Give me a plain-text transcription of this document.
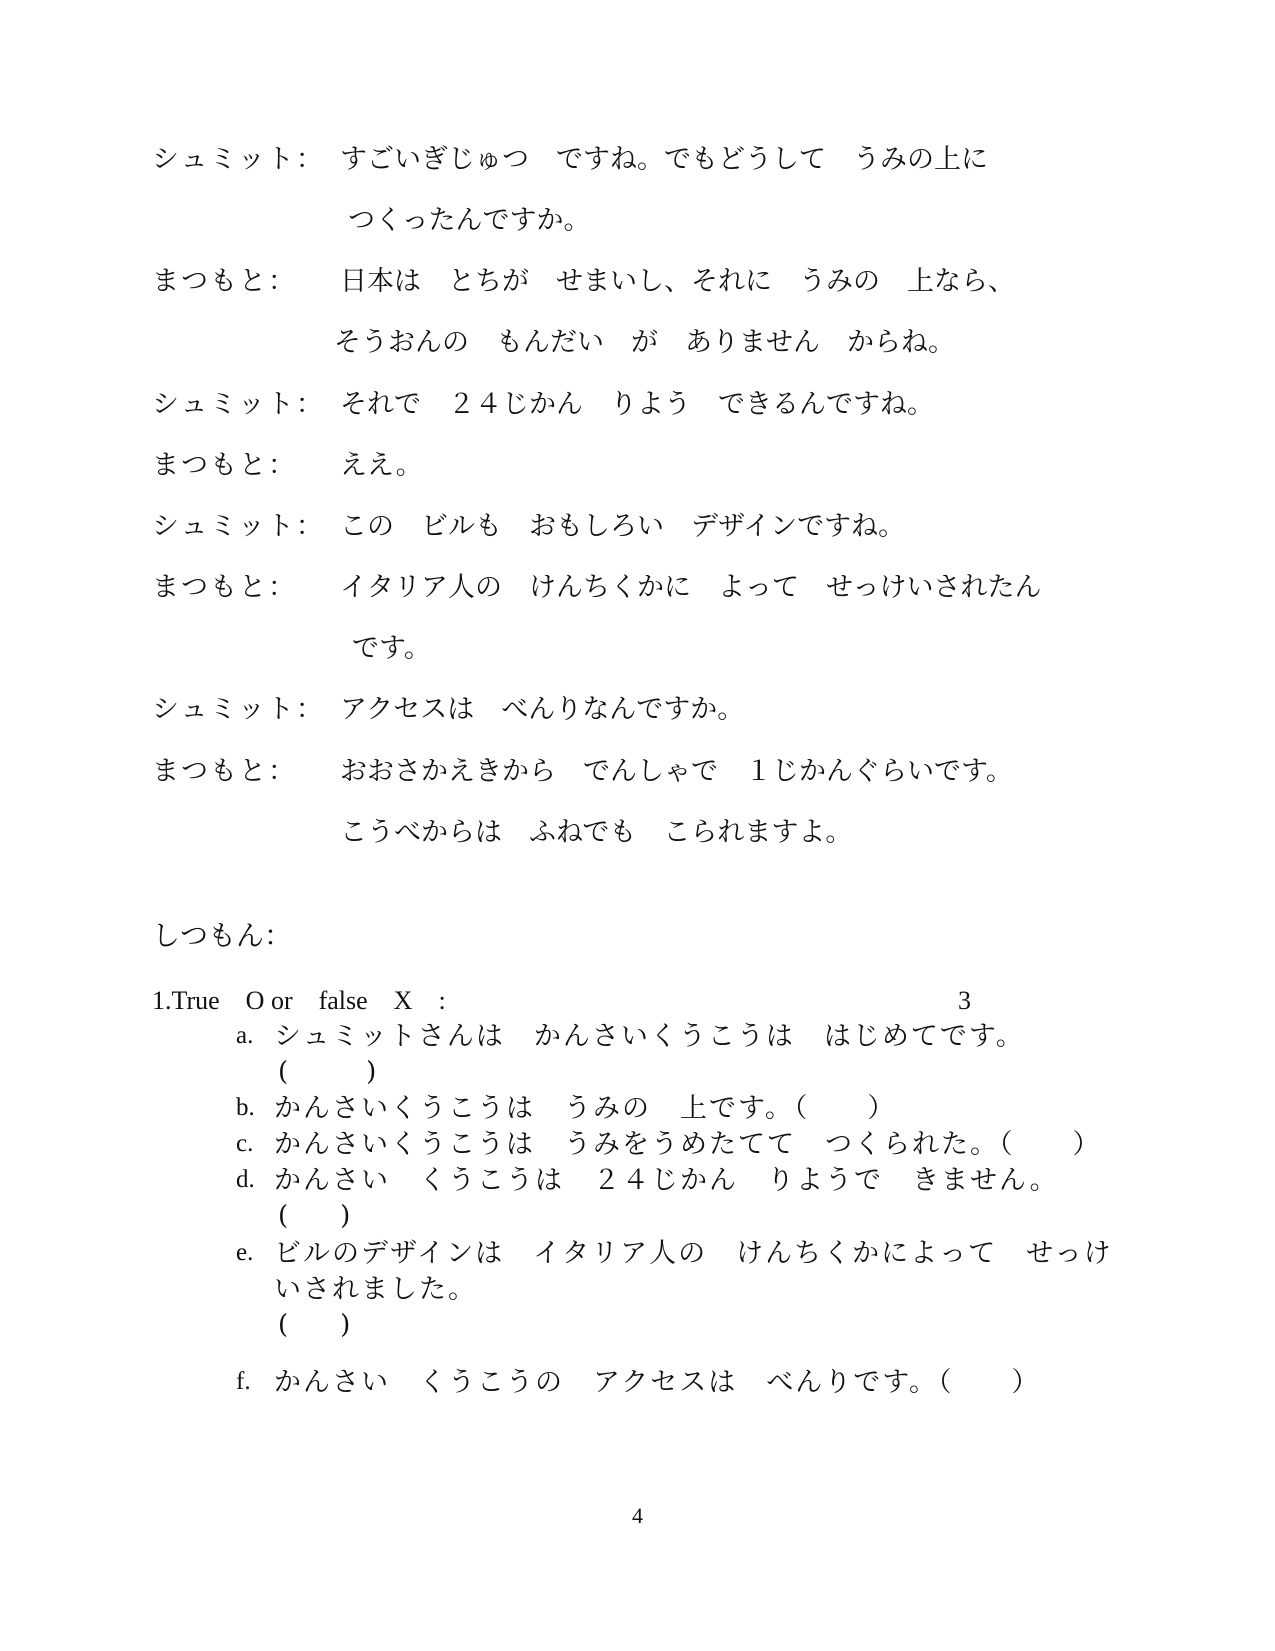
シュミット： すごいぎじゅつ　ですね。でもどうして　うみの上に
つくったんですか。
まつもと： 日本は　とちが　せまいし、それに　うみの　上なら、
そうおんの　もんだい　が　ありません　からね。
シュミット： それで　２４じかん　りよう　できるんですね。
まつもと： ええ。
シュミット： この　ビルも　おもしろい　デザインですね。
まつもと： イタリア人の　けんちくかに　よって　せっけいされたん
です。
シュミット： アクセスは　べんりなんですか。
まつもと： おおさかえきから　でんしゃで　１じかんぐらいです。
こうべからは　ふねでも　こられますよ。
しつもん：
1.True　O or　false　X　:	3
a. シュミットさんは　かんさいくうこうは　はじめてです。
(　　　)
b. かんさいくうこうは　うみの　上です。（　　）
c. かんさいくうこうは　うみをうめたてて　つくられた。（　　）
d. かんさい　くうこうは　２４じかん　りようで　きません。
(　　)
e. ビルのデザインは　イタリア人の　けんちくかによって　せっけ
いされました。
(　　)
f. かんさい　くうこうの　アクセスは　べんりです。（　　）
4
